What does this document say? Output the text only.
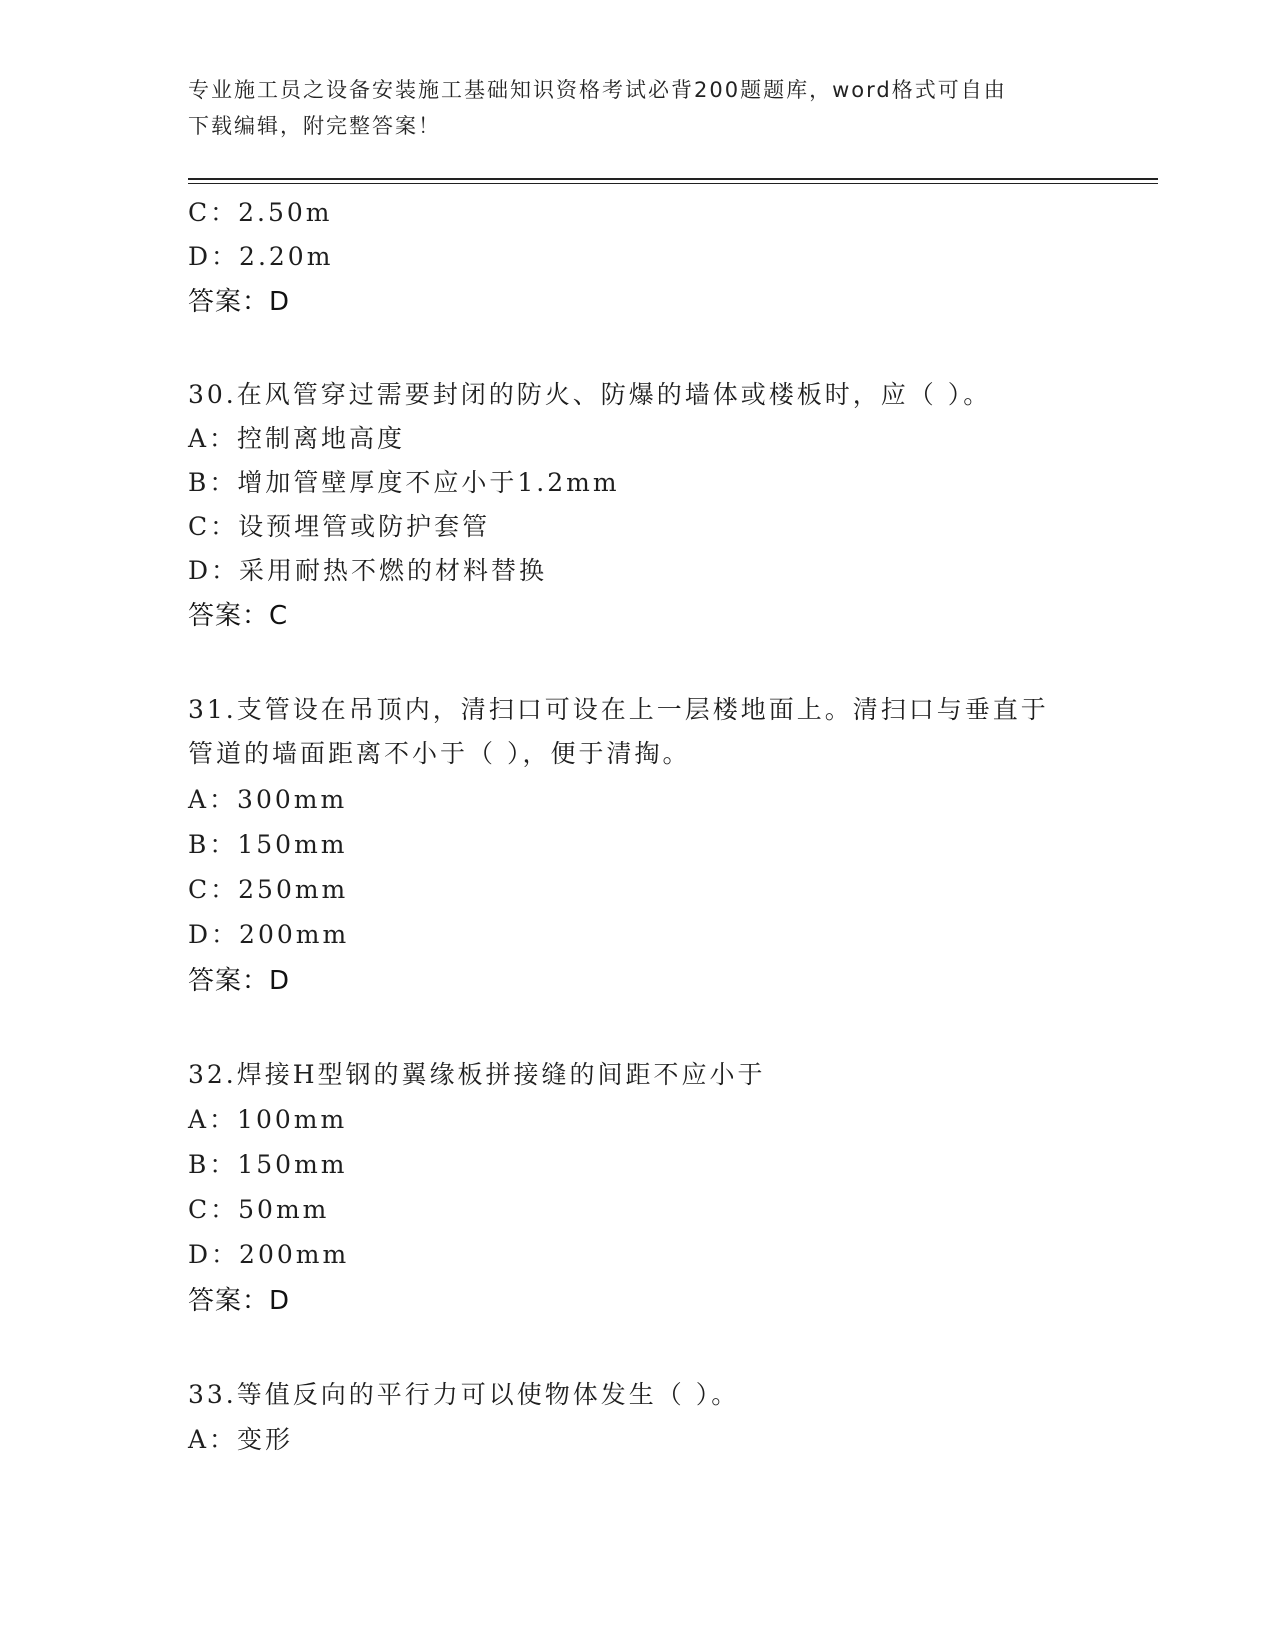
专业施工员之设备安装施工基础知识资格考试必背200题题库，word格式可自由
下载编辑，附完整答案！
C：2.50m
D：2.20m
答案：D
30.在风管穿过需要封闭的防火、防爆的墙体或楼板时，应（ ）。
A：控制离地高度
B：增加管壁厚度不应小于1.2mm
C：设预埋管或防护套管
D：采用耐热不燃的材料替换
答案：C
31.支管设在吊顶内，清扫口可设在上一层楼地面上。清扫口与垂直于
管道的墙面距离不小于（ ），便于清掏。
A：300mm
B：150mm
C：250mm
D：200mm
答案：D
32.焊接H型钢的翼缘板拼接缝的间距不应小于
A：100mm
B：150mm
C：50mm
D：200mm
答案：D
33.等值反向的平行力可以使物体发生（ ）。
A：变形
